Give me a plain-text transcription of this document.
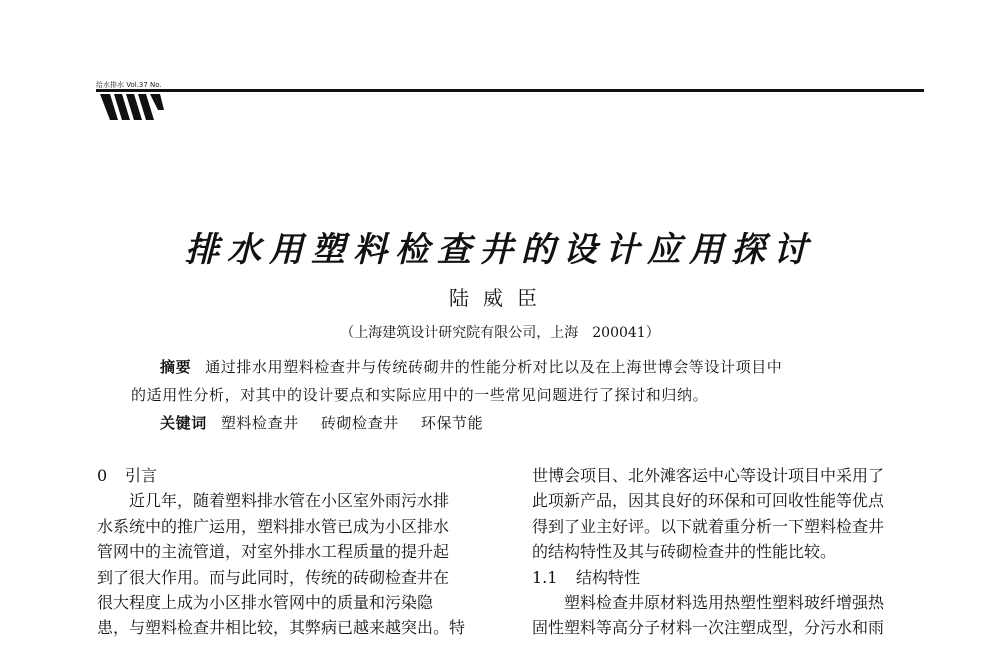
给水排水 Vol.37 No.
W
排水用塑料检查井的设计应用探讨
陆威臣
（上海建筑设计研究院有限公司，上海　200041）
摘要 通过排水用塑料检查井与传统砖砌井的性能分析对比以及在上海世博会等设计项目中
的适用性分析，对其中的设计要点和实际应用中的一些常见问题进行了探讨和归纳。
关键词 塑料检查井 砖砌检查井 环保节能
0 引言
近几年，随着塑料排水管在小区室外雨污水排
水系统中的推广运用，塑料排水管已成为小区排水
管网中的主流管道，对室外排水工程质量的提升起
到了很大作用。而与此同时，传统的砖砌检查井在
很大程度上成为小区排水管网中的质量和污染隐
患，与塑料检查井相比较，其弊病已越来越突出。特
世博会项目、北外滩客运中心等设计项目中采用了
此项新产品，因其良好的环保和可回收性能等优点
得到了业主好评。以下就着重分析一下塑料检查井
的结构特性及其与砖砌检查井的性能比较。
1.1 结构特性
塑料检查井原材料选用热塑性塑料玻纤增强热
固性塑料等高分子材料一次注塑成型，分污水和雨
